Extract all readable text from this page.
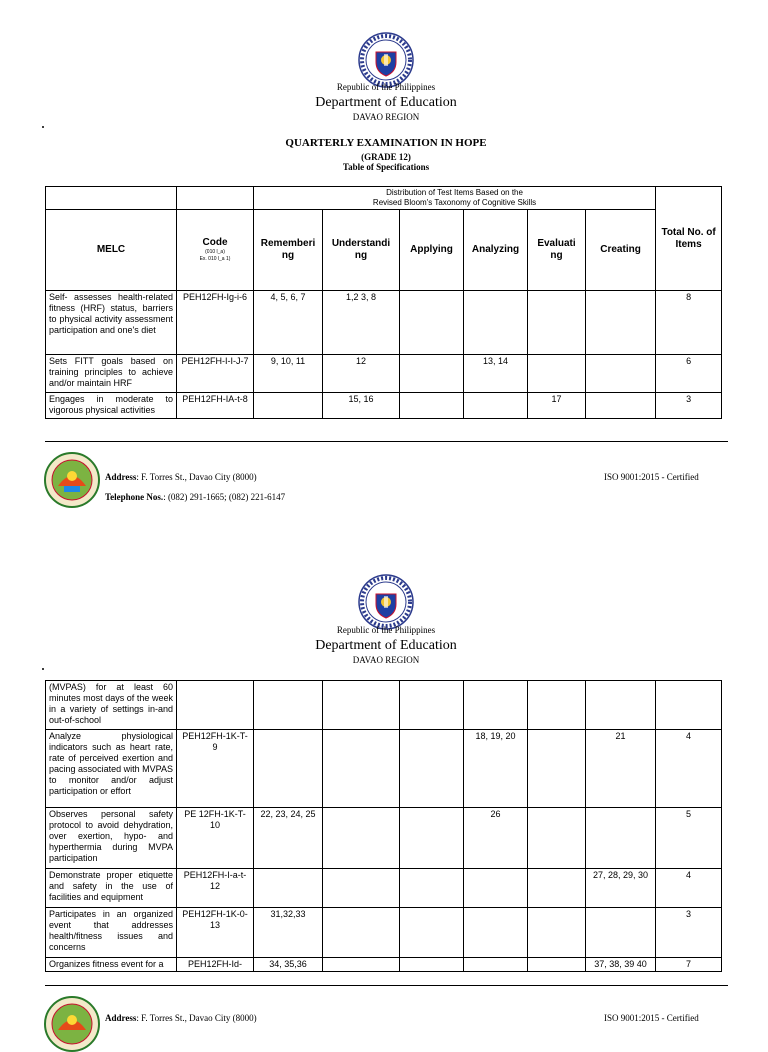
Republic of the Philippines
Department of Education
DAVAO REGION
QUARTERLY EXAMINATION IN HOPE
(GRADE 12)
Table of Specifications

		Distribution of Test Items Based on the
Revised Bloom's Taxonomy of Cognitive Skills						Total No. of Items
MELC	Code
(010 l_a)
Ex. 010 l_a 1)	Rememberi ng	Understandi ng	Applying	Analyzing	Evaluati ng	Creating	
Self- assesses health-related fitness (HRF) status, barriers to physical activity assessment participation and one's diet	PEH12FH-Ig-i-6	4, 5, 6, 7	1,2 3, 8					8
Sets FITT goals based on training principles to achieve and/or maintain HRF	PEH12FH-I-I-J-7	9, 10, 11	12		13, 14			6
Engages in moderate to vigorous physical activities	PEH12FH-IA-t-8		15, 16			17		3
Address: F. Torres St., Davao City (8000)
Telephone Nos.: (082) 291-1665; (082) 221-6147
ISO 9001:2015 - Certified
Republic of the Philippines
Department of Education
DAVAO REGION
(MVPAS) for at least 60 minutes most days of the week in a variety of settings in-and out-of-school								
Analyze physiological indicators such as heart rate, rate of perceived exertion and pacing associated with MVPAS to monitor and/or adjust participation or effort	PEH12FH-1K-T-9				18, 19, 20		21	4
Observes personal safety protocol to avoid dehydration, over exertion, hypo- and hyperthermia during MVPA participation	PE 12FH-1K-T-10	22, 23, 24, 25			26			5
Demonstrate proper etiquette and safety in the use of facilities and equipment	PEH12FH-I-a-t- 12						27, 28, 29, 30	4
Participates in an organized event that addresses health/fitness issues and concerns	PEH12FH-1K-0-13	31,32,33						3
Organizes fitness event for a	PEH12FH-Id-	34, 35,36					37, 38, 39 40	7
Address: F. Torres St., Davao City (8000)	ISO 9001:2015 - Certified
